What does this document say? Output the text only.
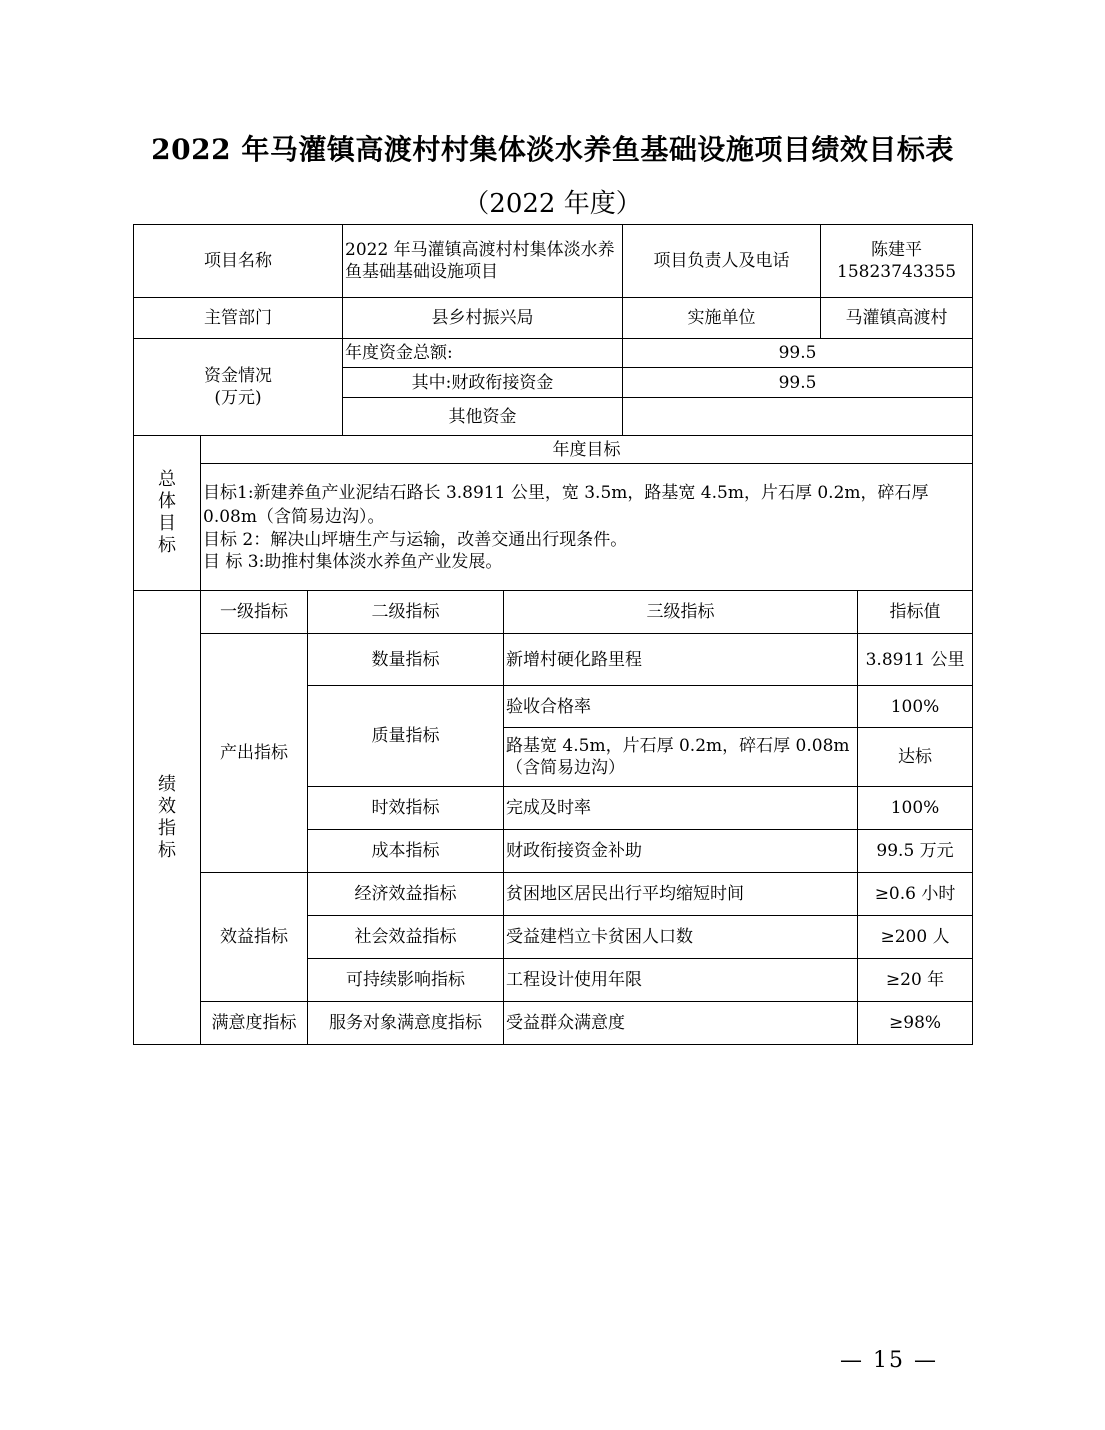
2022 年马灌镇高渡村村集体淡水养鱼基础设施项目绩效目标表
（2022 年度）
项目名称			2022 年马灌镇高渡村村集体淡水养鱼基础基础设施项目		项目负责人及电话	陈建平
15823743355	

主管部门			县乡村振兴局		实施单位	马灌镇高渡村	

资金情况
(万元)			年度资金总额:		99.5		
			其中:财政衔接资金		99.5		
			其他资金				
总
体
目
标	年度目标						

	目标1:新建养鱼产业泥结石路长 3.8911 公里，宽 3.5m，路基宽 4.5m，片石厚 0.2m，碎石厚 0.08m（含简易边沟）。
目标 2：解决山坪塘生产与运输，改善交通出行现条件。
目 标 3:助推村集体淡水养鱼产业发展。						

绩
效
指
标	一级指标	二级指标		三级指标			指标值
	产出指标	数量指标		新增村硬化路里程			3.8911 公里
		质量指标		验收合格率			100%
				路基宽 4.5m，片石厚 0.2m，碎石厚 0.08m（含简易边沟）			达标
		时效指标		完成及时率			100%
		成本指标		财政衔接资金补助			99.5 万元
	效益指标	经济效益指标		贫困地区居民出行平均缩短时间			≥0.6 小时
		社会效益指标		受益建档立卡贫困人口数			≥200 人
		可持续影响指标		工程设计使用年限			≥20 年
	满意度指标	服务对象满意度指标		受益群众满意度			≥98%
— 15 —
